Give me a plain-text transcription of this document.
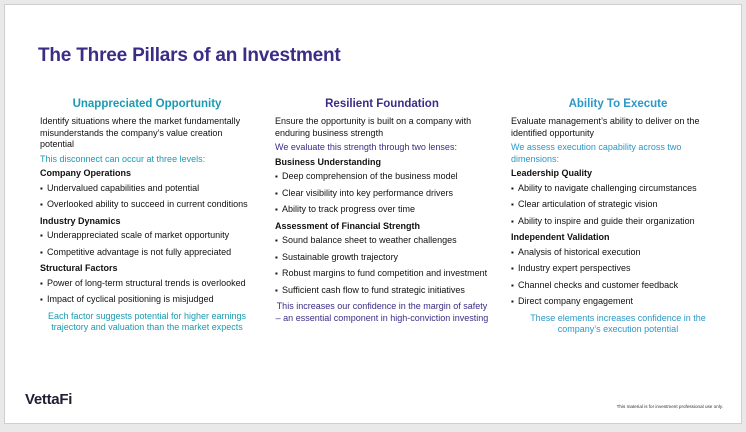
The Three Pillars of an Investment
Unappreciated Opportunity
Identify situations where the market fundamentally misunderstands the company’s value creation potential
This disconnect can occur at three levels:
Company Operations
▪ Undervalued capabilities and potential
▪ Overlooked ability to succeed in current conditions
Industry Dynamics
▪ Underappreciated scale of market opportunity
▪ Competitive advantage is not fully appreciated
Structural Factors
▪ Power of long-term structural trends is overlooked
▪ Impact of cyclical positioning is misjudged
Each factor suggests potential for higher earnings trajectory and valuation than the market expects
Resilient Foundation
Ensure the opportunity is built on a company with enduring business strength
We evaluate this strength through two lenses:
Business Understanding
▪ Deep comprehension of the business model
▪ Clear visibility into key performance drivers
▪ Ability to track progress over time
Assessment of Financial Strength
▪ Sound balance sheet to weather challenges
▪ Sustainable growth trajectory
▪ Robust margins to fund competition and investment
▪ Sufficient cash flow to fund strategic initiatives
This increases our confidence in the margin of safety – an essential component in high-conviction investing
Ability To Execute
Evaluate management’s ability to deliver on the identified opportunity
We assess execution capability across two dimensions:
Leadership Quality
▪ Ability to navigate challenging circumstances
▪ Clear articulation of strategic vision
▪ Ability to inspire and guide their organization
Independent Validation
▪ Analysis of historical execution
▪ Industry expert perspectives
▪ Channel checks and customer feedback
▪ Direct company engagement
These elements increases confidence in the company’s execution potential
VettaFi	This material is for investment professional use only.
